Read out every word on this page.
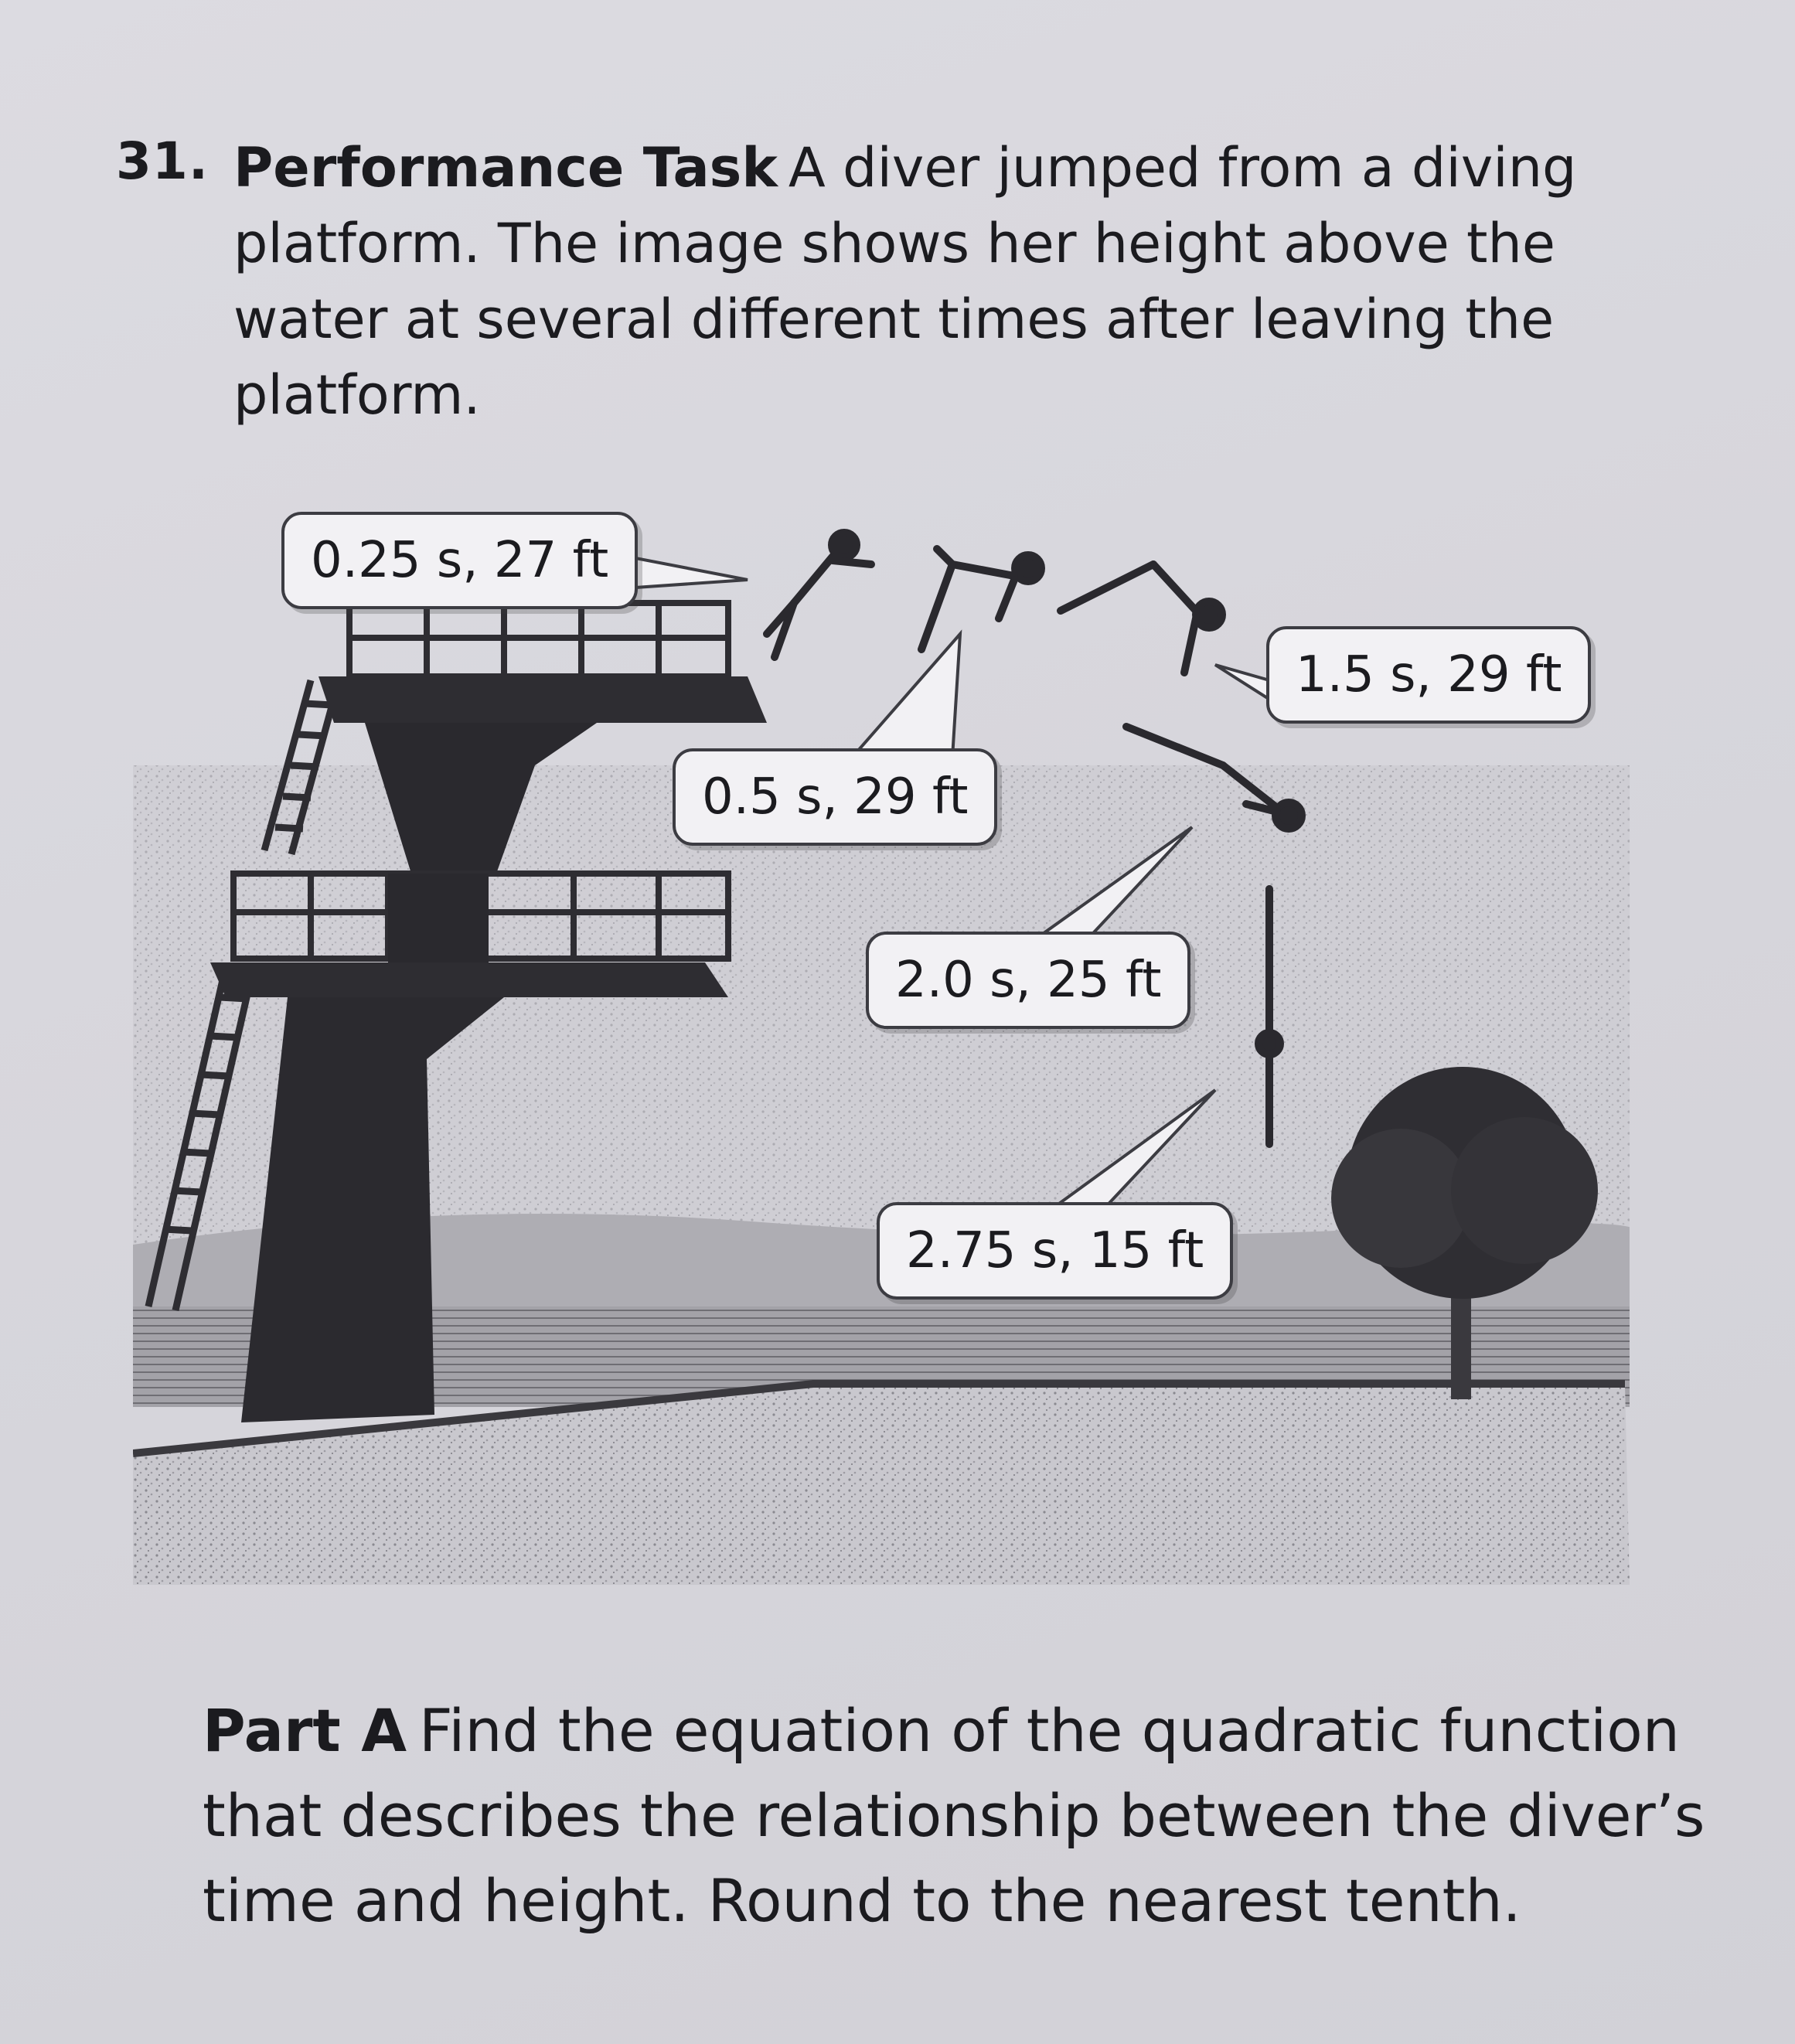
31. Performance Task A diver jumped from a diving platform. The image shows her height above the water at several different times after leaving the platform.

0.25 s, 27 ft
0.5 s, 29 ft
1.5 s, 29 ft
2.0 s, 25 ft
2.75 s, 15 ft

Part A Find the equation of the quadratic function that describes the relationship between the diver’s time and height. Round to the nearest tenth.
